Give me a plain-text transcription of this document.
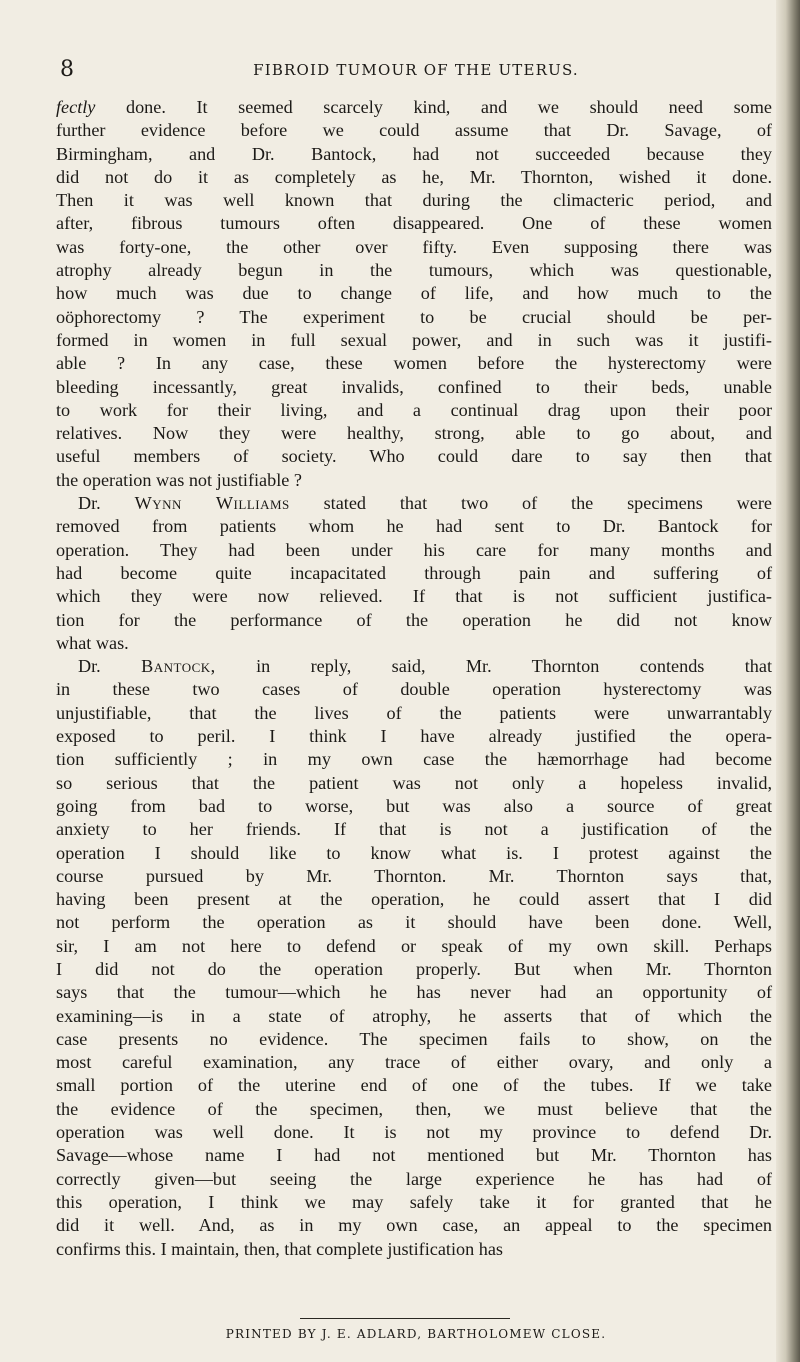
8	FIBROID TUMOUR OF THE UTERUS.
fectly done. It seemed scarcely kind, and we should need some
further evidence before we could assume that Dr. Savage, of
Birmingham, and Dr. Bantock, had not succeeded because they
did not do it as completely as he, Mr. Thornton, wished it done.
Then it was well known that during the climacteric period, and
after, fibrous tumours often disappeared. One of these women
was forty-one, the other over fifty. Even supposing there was
atrophy already begun in the tumours, which was questionable,
how much was due to change of life, and how much to the
oöphorectomy ? The experiment to be crucial should be per-
formed in women in full sexual power, and in such was it justifi-
able ? In any case, these women before the hysterectomy were
bleeding incessantly, great invalids, confined to their beds, unable
to work for their living, and a continual drag upon their poor
relatives. Now they were healthy, strong, able to go about, and
useful members of society. Who could dare to say then that
the operation was not justifiable ?
Dr. Wynn Williams stated that two of the specimens were
removed from patients whom he had sent to Dr. Bantock for
operation. They had been under his care for many months and
had become quite incapacitated through pain and suffering of
which they were now relieved. If that is not sufficient justifica-
tion for the performance of the operation he did not know
what was.
Dr. Bantock, in reply, said, Mr. Thornton contends that
in these two cases of double operation hysterectomy was
unjustifiable, that the lives of the patients were unwarrantably
exposed to peril. I think I have already justified the opera-
tion sufficiently ; in my own case the hæmorrhage had become
so serious that the patient was not only a hopeless invalid,
going from bad to worse, but was also a source of great
anxiety to her friends. If that is not a justification of the
operation I should like to know what is. I protest against the
course pursued by Mr. Thornton. Mr. Thornton says that,
having been present at the operation, he could assert that I did
not perform the operation as it should have been done. Well,
sir, I am not here to defend or speak of my own skill. Perhaps
I did not do the operation properly. But when Mr. Thornton
says that the tumour—which he has never had an opportunity of
examining—is in a state of atrophy, he asserts that of which the
case presents no evidence. The specimen fails to show, on the
most careful examination, any trace of either ovary, and only a
small portion of the uterine end of one of the tubes. If we take
the evidence of the specimen, then, we must believe that the
operation was well done. It is not my province to defend Dr.
Savage—whose name I had not mentioned but Mr. Thornton has
correctly given—but seeing the large experience he has had of
this operation, I think we may safely take it for granted that he
did it well. And, as in my own case, an appeal to the specimen
confirms this. I maintain, then, that complete justification has
PRINTED BY J. E. ADLARD, BARTHOLOMEW CLOSE.
